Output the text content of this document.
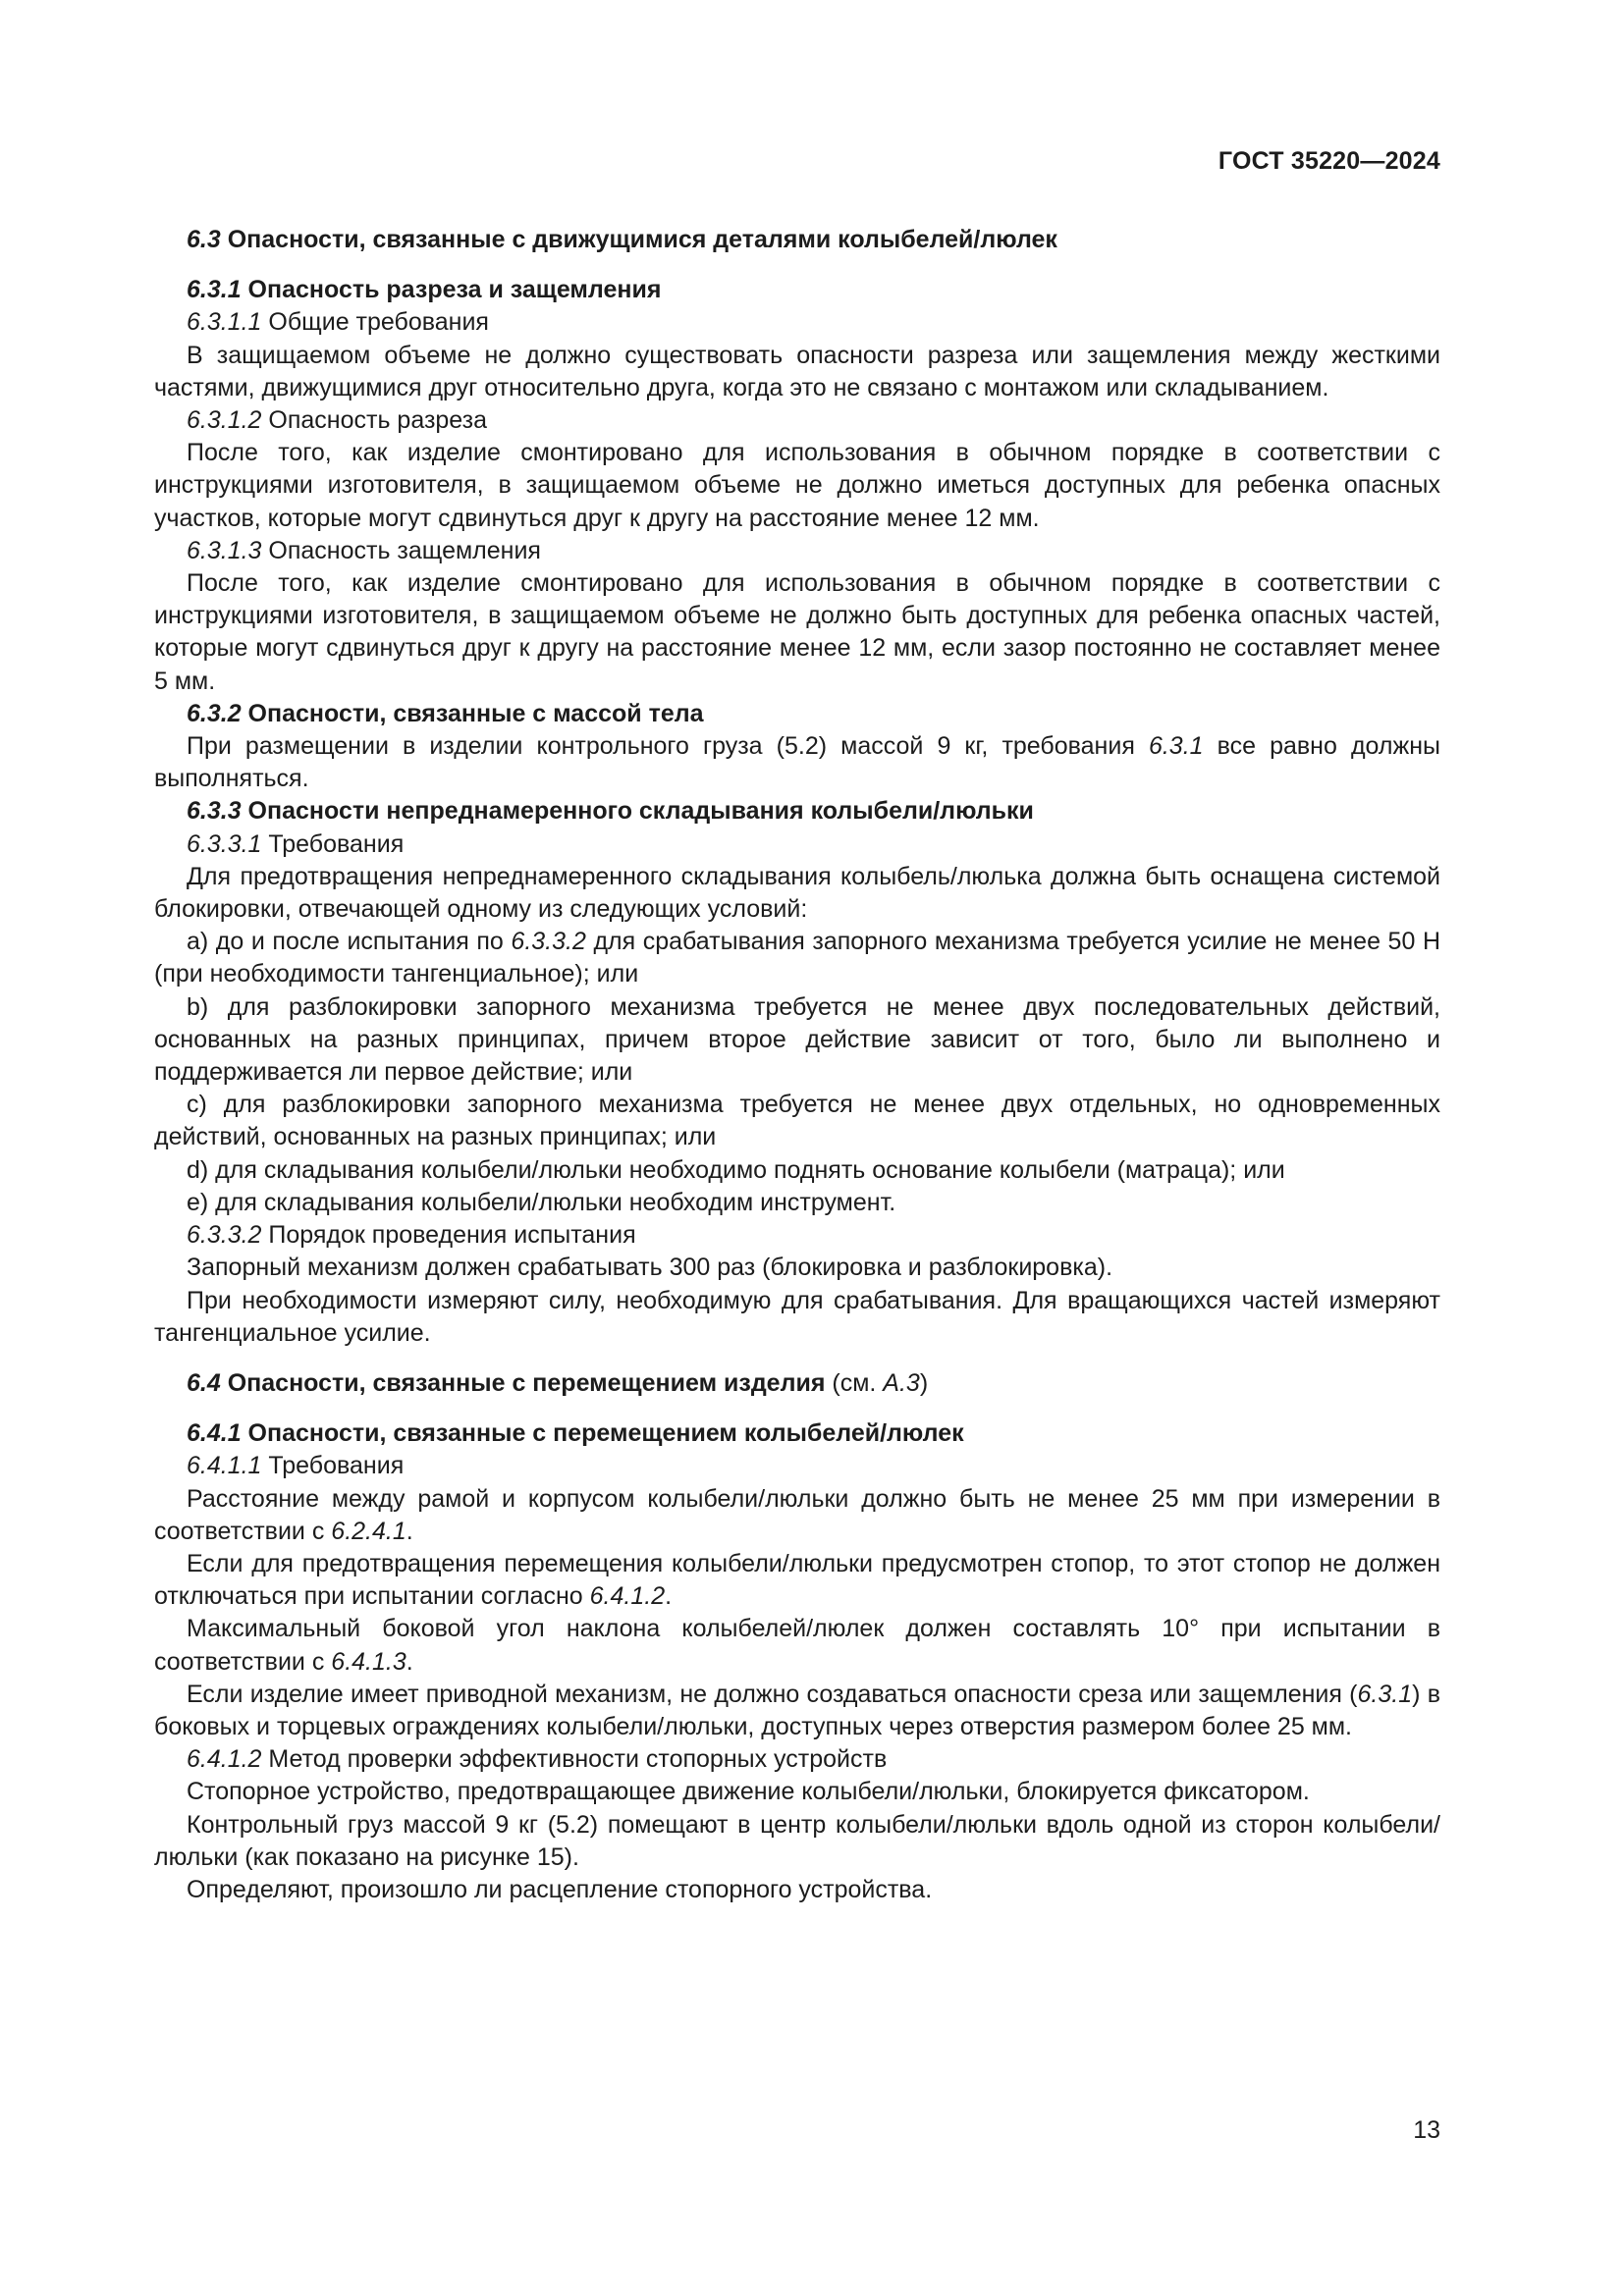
ГОСТ 35220—2024

6.3 Опасности, связанные с движущимися деталями колыбелей/люлек

6.3.1 Опасность разреза и защемления

6.3.1.1 Общие требования

В защищаемом объеме не должно существовать опасности разреза или защемления между жесткими частями, движущимися друг относительно друга, когда это не связано с монтажом или складыванием.

6.3.1.2 Опасность разреза

После того, как изделие смонтировано для использования в обычном порядке в соответствии с инструкциями изготовителя, в защищаемом объеме не должно иметься доступных для ребенка опасных участков, которые могут сдвинуться друг к другу на расстояние менее 12 мм.

6.3.1.3 Опасность защемления

После того, как изделие смонтировано для использования в обычном порядке в соответствии с инструкциями изготовителя, в защищаемом объеме не должно быть доступных для ребенка опасных частей, которые могут сдвинуться друг к другу на расстояние менее 12 мм, если зазор постоянно не составляет менее 5 мм.

6.3.2 Опасности, связанные с массой тела

При размещении в изделии контрольного груза (5.2) массой 9 кг, требования 6.3.1 все равно должны выполняться.

6.3.3 Опасности непреднамеренного складывания колыбели/люльки

6.3.3.1 Требования

Для предотвращения непреднамеренного складывания колыбель/люлька должна быть оснащена системой блокировки, отвечающей одному из следующих условий:

a) до и после испытания по 6.3.3.2 для срабатывания запорного механизма требуется усилие не менее 50 Н (при необходимости тангенциальное); или

b) для разблокировки запорного механизма требуется не менее двух последовательных действий, основанных на разных принципах, причем второе действие зависит от того, было ли выполнено и поддерживается ли первое действие; или

c) для разблокировки запорного механизма требуется не менее двух отдельных, но одновременных действий, основанных на разных принципах; или

d) для складывания колыбели/люльки необходимо поднять основание колыбели (матраца); или

e) для складывания колыбели/люльки необходим инструмент.

6.3.3.2 Порядок проведения испытания

Запорный механизм должен срабатывать 300 раз (блокировка и разблокировка).

При необходимости измеряют силу, необходимую для срабатывания. Для вращающихся частей измеряют тангенциальное усилие.

6.4 Опасности, связанные с перемещением изделия (см. А.3)

6.4.1 Опасности, связанные с перемещением колыбелей/люлек

6.4.1.1 Требования

Расстояние между рамой и корпусом колыбели/люльки должно быть не менее 25 мм при измерении в соответствии с 6.2.4.1.

Если для предотвращения перемещения колыбели/люльки предусмотрен стопор, то этот стопор не должен отключаться при испытании согласно 6.4.1.2.

Максимальный боковой угол наклона колыбелей/люлек должен составлять 10° при испытании в соответствии с 6.4.1.3.

Если изделие имеет приводной механизм, не должно создаваться опасности среза или защемления (6.3.1) в боковых и торцевых ограждениях колыбели/люльки, доступных через отверстия размером более 25 мм.

6.4.1.2 Метод проверки эффективности стопорных устройств

Стопорное устройство, предотвращающее движение колыбели/люльки, блокируется фиксатором.

Контрольный груз массой 9 кг (5.2) помещают в центр колыбели/люльки вдоль одной из сторон колыбели/люльки (как показано на рисунке 15).

Определяют, произошло ли расцепление стопорного устройства.

13
